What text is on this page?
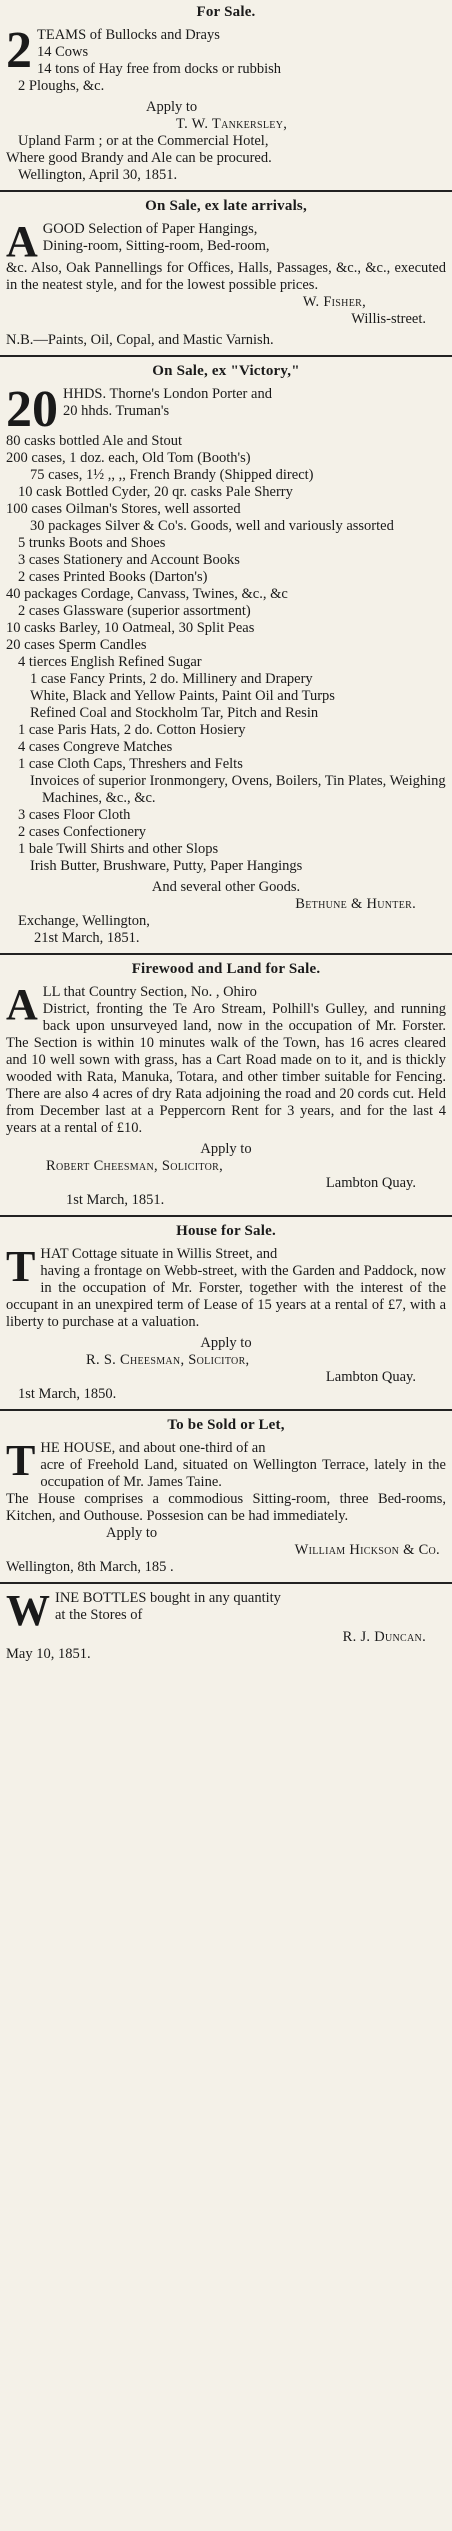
For Sale.
2 TEAMS of Bullocks and Drays
14 Cows
14 tons of Hay free from docks or rubbish
2 Ploughs, &c.
Apply to
T. W. Tankersley,
Upland Farm ; or at the Commercial Hotel,
Where good Brandy and Ale can be procured.
Wellington, April 30, 1851.
On Sale, ex late arrivals,
A GOOD Selection of Paper Hangings,
Dining-room, Sitting-room, Bed-room,
&c. Also, Oak Pannellings for Offices, Halls, Passages, &c., &c., executed in the neatest style, and for the lowest possible prices.
W. Fisher,
Willis-street.
N.B.—Paints, Oil, Copal, and Mastic Varnish.
On Sale, ex "Victory,"
20 HHDS. Thorne's London Porter and
20 hhds. Truman's
80 casks bottled Ale and Stout
200 cases, 1 doz. each, Old Tom (Booth's)
75 cases, 1½ ,, ,, French Brandy (Shipped direct)
10 cask Bottled Cyder, 20 qr. casks Pale Sherry
100 cases Oilman's Stores, well assorted
30 packages Silver & Co's. Goods, well and variously assorted
5 trunks Boots and Shoes
3 cases Stationery and Account Books
2 cases Printed Books (Darton's)
40 packages Cordage, Canvass, Twines, &c., &c
2 cases Glassware (superior assortment)
10 casks Barley, 10 Oatmeal, 30 Split Peas
20 cases Sperm Candles
4 tierces English Refined Sugar
1 case Fancy Prints, 2 do. Millinery and Drapery
White, Black and Yellow Paints, Paint Oil and Turps
Refined Coal and Stockholm Tar, Pitch and Resin
1 case Paris Hats, 2 do. Cotton Hosiery
4 cases Congreve Matches
1 case Cloth Caps, Threshers and Felts
Invoices of superior Ironmongery, Ovens, Boilers, Tin Plates, Weighing Machines, &c., &c.
3 cases Floor Cloth
2 cases Confectionery
1 bale Twill Shirts and other Slops
Irish Butter, Brushware, Putty, Paper Hangings
And several other Goods.
Bethune & Hunter.
Exchange, Wellington,
21st March, 1851.
Firewood and Land for Sale.
A LL that Country Section, No. , Ohiro
District, fronting the Te Aro Stream, Polhill's Gulley, and running back upon unsurveyed land, now in the occupation of Mr. Forster. The Section is within 10 minutes walk of the Town, has 16 acres cleared and 10 well sown with grass, has a Cart Road made on to it, and is thickly wooded with Rata, Manuka, Totara, and other timber suitable for Fencing. There are also 4 acres of dry Rata adjoining the road and 20 cords cut. Held from December last at a Peppercorn Rent for 3 years, and for the last 4 years at a rental of £10.
Apply to
Robert Cheesman, Solicitor,
Lambton Quay.
1st March, 1851.
House for Sale.
T HAT Cottage situate in Willis Street, and
having a frontage on Webb-street, with the Garden and Paddock, now in the occupation of Mr. Forster, together with the interest of the occupant in an unexpired term of Lease of 15 years at a rental of £7, with a liberty to purchase at a valuation.
Apply to
R. S. Cheesman, Solicitor,
Lambton Quay.
1st March, 1850.
To be Sold or Let,
T HE HOUSE, and about one-third of an
acre of Freehold Land, situated on Wellington Terrace, lately in the occupation of Mr. James Taine.
The House comprises a commodious Sitting-room, three Bed-rooms, Kitchen, and Outhouse. Possesion can be had immediately.
Apply to
William Hickson & Co.
Wellington, 8th March, 185 .
W INE BOTTLES bought in any quantity
at the Stores of
R. J. Duncan.
May 10, 1851.
